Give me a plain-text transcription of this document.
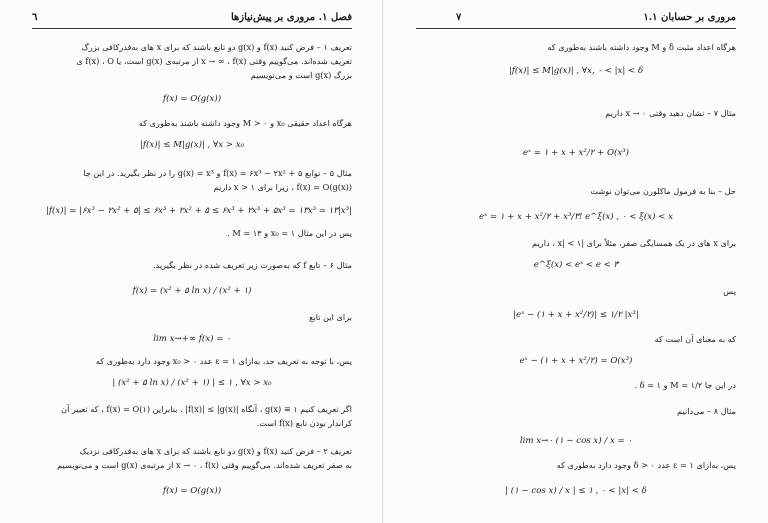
٦	فصل ۱. مروری بر پیش‌نیازها
تعریف ۱ – فرض کنید f(x) و g(x) دو تابع باشند که برای x های به‌قدرکافی بزرگ
تعریف شده‌اند. می‌گوییم وقتی x → ∞ ، f(x) از مرتبه‌ی g(x) است، یا f(x) ، O ی
بزرگ g(x) است و می‌نویسیم
f(x) = O(g(x))
هرگاه اعداد حقیقی x₀ و M > ۰ وجود داشته باشند به‌طوری که
|f(x)| ≤ M|g(x)| , ∀x > x₀
مثال ۵ – توابع f(x) = ۶x³ − ۲x² + ۵ و g(x) = x³ را در نظر بگیرید. در این جا
f(x) = O(g(x)) ، زیرا برای x > ۱ داریم
|f(x)| = |۶x³ − ۲x² + ۵| ≤ ۶x³ + ۲x² + ۵ ≤ ۶x³ + ۲x³ + ۵x³ = ۱۳x³ = ۱۳|x³|
پس در این مثال x₀ = ۱ و M = ۱۳ .
مثال ۶ – تابع f که به‌صورت زیر تعریف شده در نظر بگیرید.
f(x) = (x² + ۵ ln x) / (x² + ۱)
برای این تابع
lim x→+∞ f(x) = ۰
پس، با توجه به تعریف حد، به‌ازای ε = ۱ عدد x₀ > ۰ وجود دارد به‌طوری که
| (x² + ۵ ln x) / (x² + ۱) | ≤ ۱ , ∀x > x₀
اگر تعریف کنیم g(x) ≡ ۱ ، آنگاه |f(x)| ≤ |g(x)| . بنابراین f(x) = O(۱) ، که تعبیر آن
کراندار بودن تابع f(x) است.
تعریف ۲ – فرض کنید f(x) و g(x) دو تابع باشند که برای x های به‌قدرکافی نزدیک
به صفر تعریف شده‌اند. می‌گوییم وقتی x → ۰ ، f(x) از مرتبه‌ی g(x) است و می‌نویسیم
f(x) = O(g(x))
۷	۱.۱ مروری بر حسابان
هرگاه اعداد مثبت δ و M وجود داشته باشند به‌طوری که
|f(x)| ≤ M|g(x)| , ∀x, ۰ < |x| < δ
مثال ۷ – نشان دهید وقتی x → ۰ داریم
eˣ = ۱ + x + x²/۲ + O(x³)
حل – بنا به فرمول ماکلورن می‌توان نوشت
eˣ = ۱ + x + x²/۲ + x³/۳! e^ξ(x) , ۰ < ξ(x) < x
برای x های در یک همسایگی صفر، مثلاً برای |x| < ۱ ، داریم
e^ξ(x) < eˣ < e < ۳
پس
|eˣ − (۱ + x + x²/۲)| ≤ ۱/۲ |x³|
که به معنای آن است که
eˣ − (۱ + x + x²/۲) = O(x³)
در این جا M = ۱/۲ و δ = ۱ .
مثال ۸ – می‌دانیم
lim x→۰ (۱ − cos x) / x = ۰
پس، به‌ازای ε = ۱ عدد δ > ۰ وجود دارد به‌طوری که
| (۱ − cos x) / x | ≤ ۱ , ۰ < |x| < δ
